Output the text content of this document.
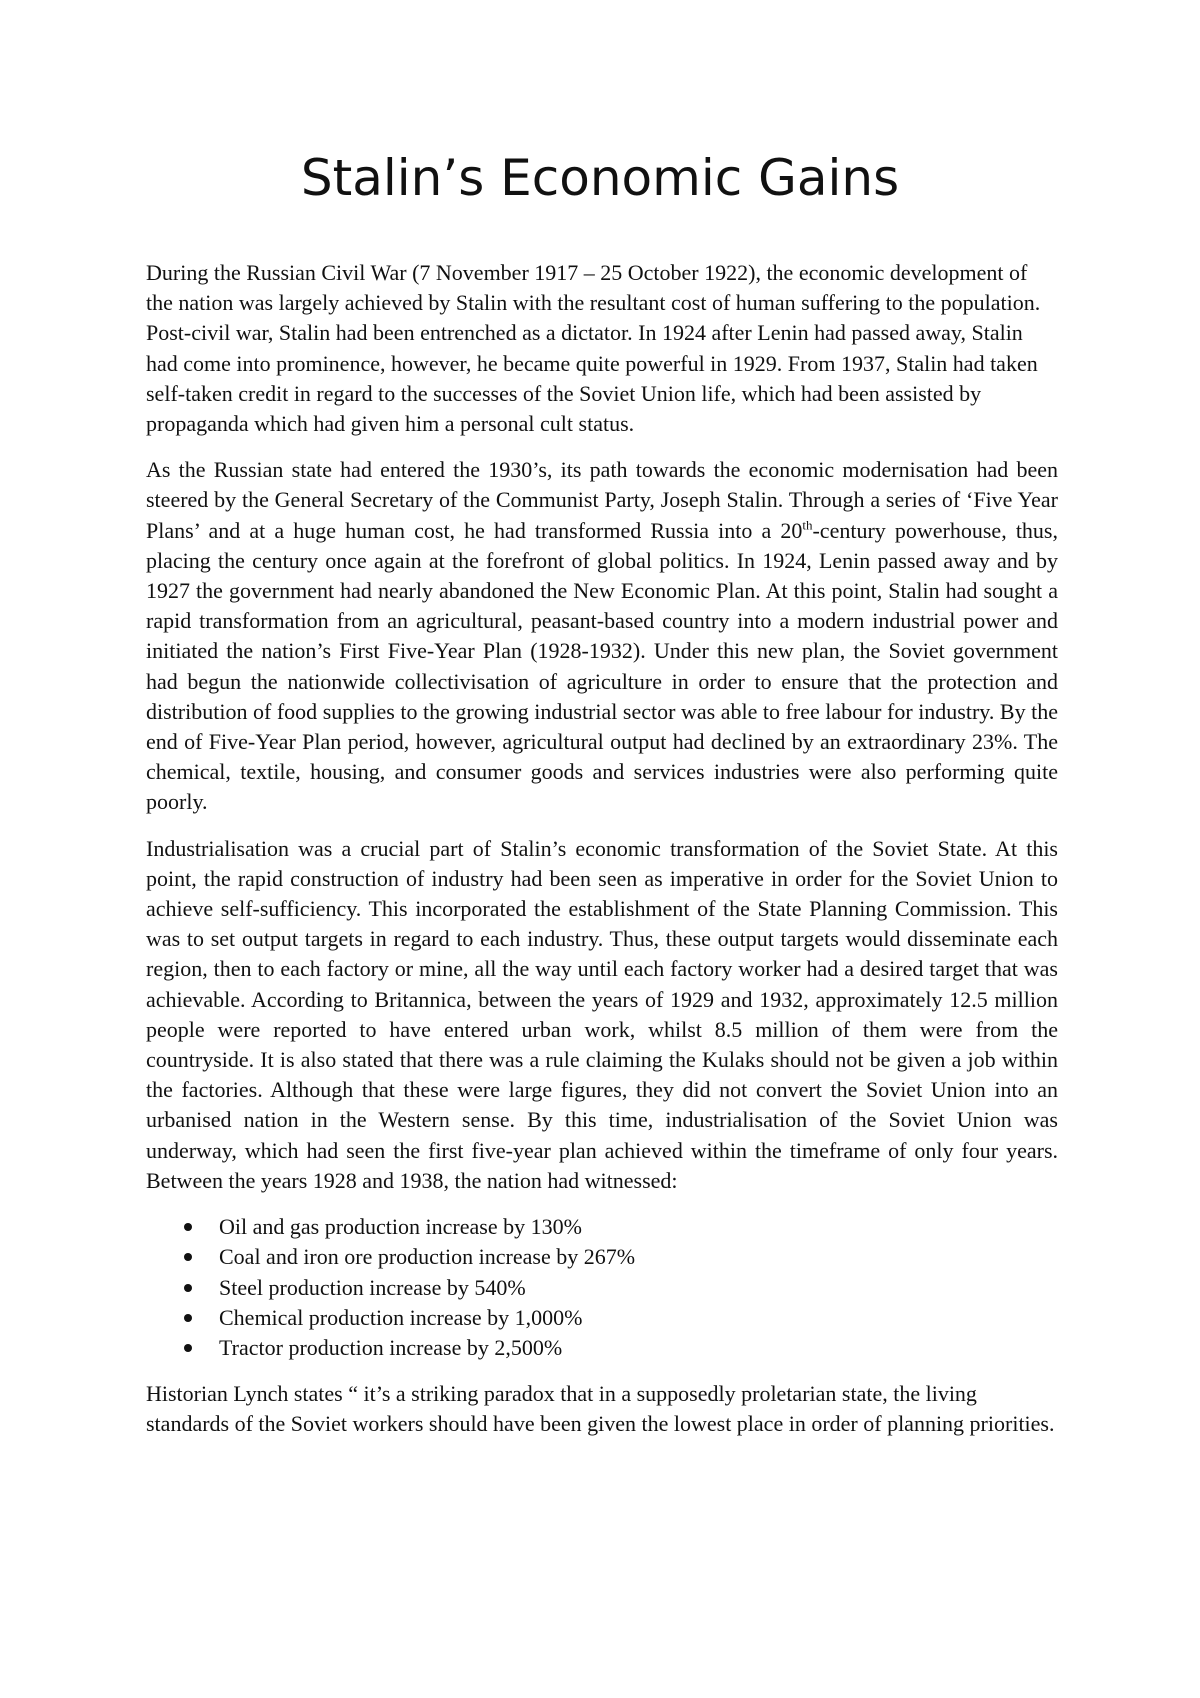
Stalin’s Economic Gains

During the Russian Civil War (7 November 1917 – 25 October 1922), the economic development of the nation was largely achieved by Stalin with the resultant cost of human suffering to the population. Post-civil war, Stalin had been entrenched as a dictator. In 1924 after Lenin had passed away, Stalin had come into prominence, however, he became quite powerful in 1929. From 1937, Stalin had taken self-taken credit in regard to the successes of the Soviet Union life, which had been assisted by propaganda which had given him a personal cult status.

As the Russian state had entered the 1930’s, its path towards the economic modernisation had been steered by the General Secretary of the Communist Party, Joseph Stalin. Through a series of ‘Five Year Plans’ and at a huge human cost, he had transformed Russia into a 20th-century powerhouse, thus, placing the century once again at the forefront of global politics. In 1924, Lenin passed away and by 1927 the government had nearly abandoned the New Economic Plan. At this point, Stalin had sought a rapid transformation from an agricultural, peasant-based country into a modern industrial power and initiated the nation’s First Five-Year Plan (1928-1932). Under this new plan, the Soviet government had begun the nationwide collectivisation of agriculture in order to ensure that the protection and distribution of food supplies to the growing industrial sector was able to free labour for industry. By the end of Five-Year Plan period, however, agricultural output had declined by an extraordinary 23%. The chemical, textile, housing, and consumer goods and services industries were also performing quite poorly.

Industrialisation was a crucial part of Stalin’s economic transformation of the Soviet State. At this point, the rapid construction of industry had been seen as imperative in order for the Soviet Union to achieve self-sufficiency. This incorporated the establishment of the State Planning Commission. This was to set output targets in regard to each industry. Thus, these output targets would disseminate each region, then to each factory or mine, all the way until each factory worker had a desired target that was achievable. According to Britannica, between the years of 1929 and 1932, approximately 12.5 million people were reported to have entered urban work, whilst 8.5 million of them were from the countryside. It is also stated that there was a rule claiming the Kulaks should not be given a job within the factories. Although that these were large figures, they did not convert the Soviet Union into an urbanised nation in the Western sense. By this time, industrialisation of the Soviet Union was underway, which had seen the first five-year plan achieved within the timeframe of only four years. Between the years 1928 and 1938, the nation had witnessed:

Oil and gas production increase by 130%
Coal and iron ore production increase by 267%
Steel production increase by 540%
Chemical production increase by 1,000%
Tractor production increase by 2,500%

Historian Lynch states “ it’s a striking paradox that in a supposedly proletarian state, the living standards of the Soviet workers should have been given the lowest place in order of planning priorities.
